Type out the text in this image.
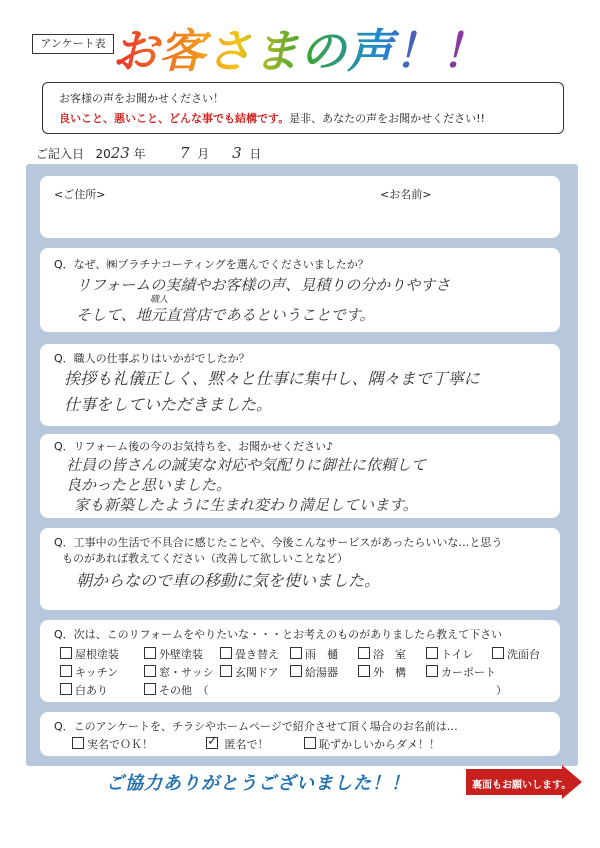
アンケート表 お客さまの声！！
お客様の声をお聞かせください！
良いこと、悪いこと、どんな事でも結構です。是非、あなたの声をお聞かせください!!
ご記入日 2023 年 7 月 3 日
<ご住所>	<お名前>
Q．なぜ、㈱プラチナコーティングを選んでくださいましたか？
リフォームの実績やお客様の声、見積りの分かりやすさ
職人
そして、地元直営店であるということです。
Q．職人の仕事ぶりはいかがでしたか？
挨拶も礼儀正しく、黙々と仕事に集中し、隅々まで丁寧に
仕事をしていただきました。
Q．リフォーム後の今のお気持ちを、お聞かせください♪
社員の皆さんの誠実な対応や気配りに御社に依頼して
良かったと思いました。
家も新築したように生まれ変わり満足しています。
Q．工事中の生活で不具合に感じたことや、今後こんなサービスがあったらいいな…と思う
ものがあれば教えてください（改善して欲しいことなど）
朝からなので車の移動に気を使いました。
Q．次は、このリフォームをやりたいな・・・とお考えのものがありましたら教えて下さい
屋根塗装	外壁塗装	畳き替え	雨　樋	浴　室	トイレ	洗面台
キッチン	窓・サッシ	玄関ドア	給湯器	外　構	カーポート
白あり	その他　（	）
Q．このアンケートを、チラシやホームページで紹介させて頂く場合のお名前は…
実名でＯＫ！	✓ 匿名で！	恥ずかしいからダメ！！
ご協力ありがとうございました！！	裏面もお願いします。
